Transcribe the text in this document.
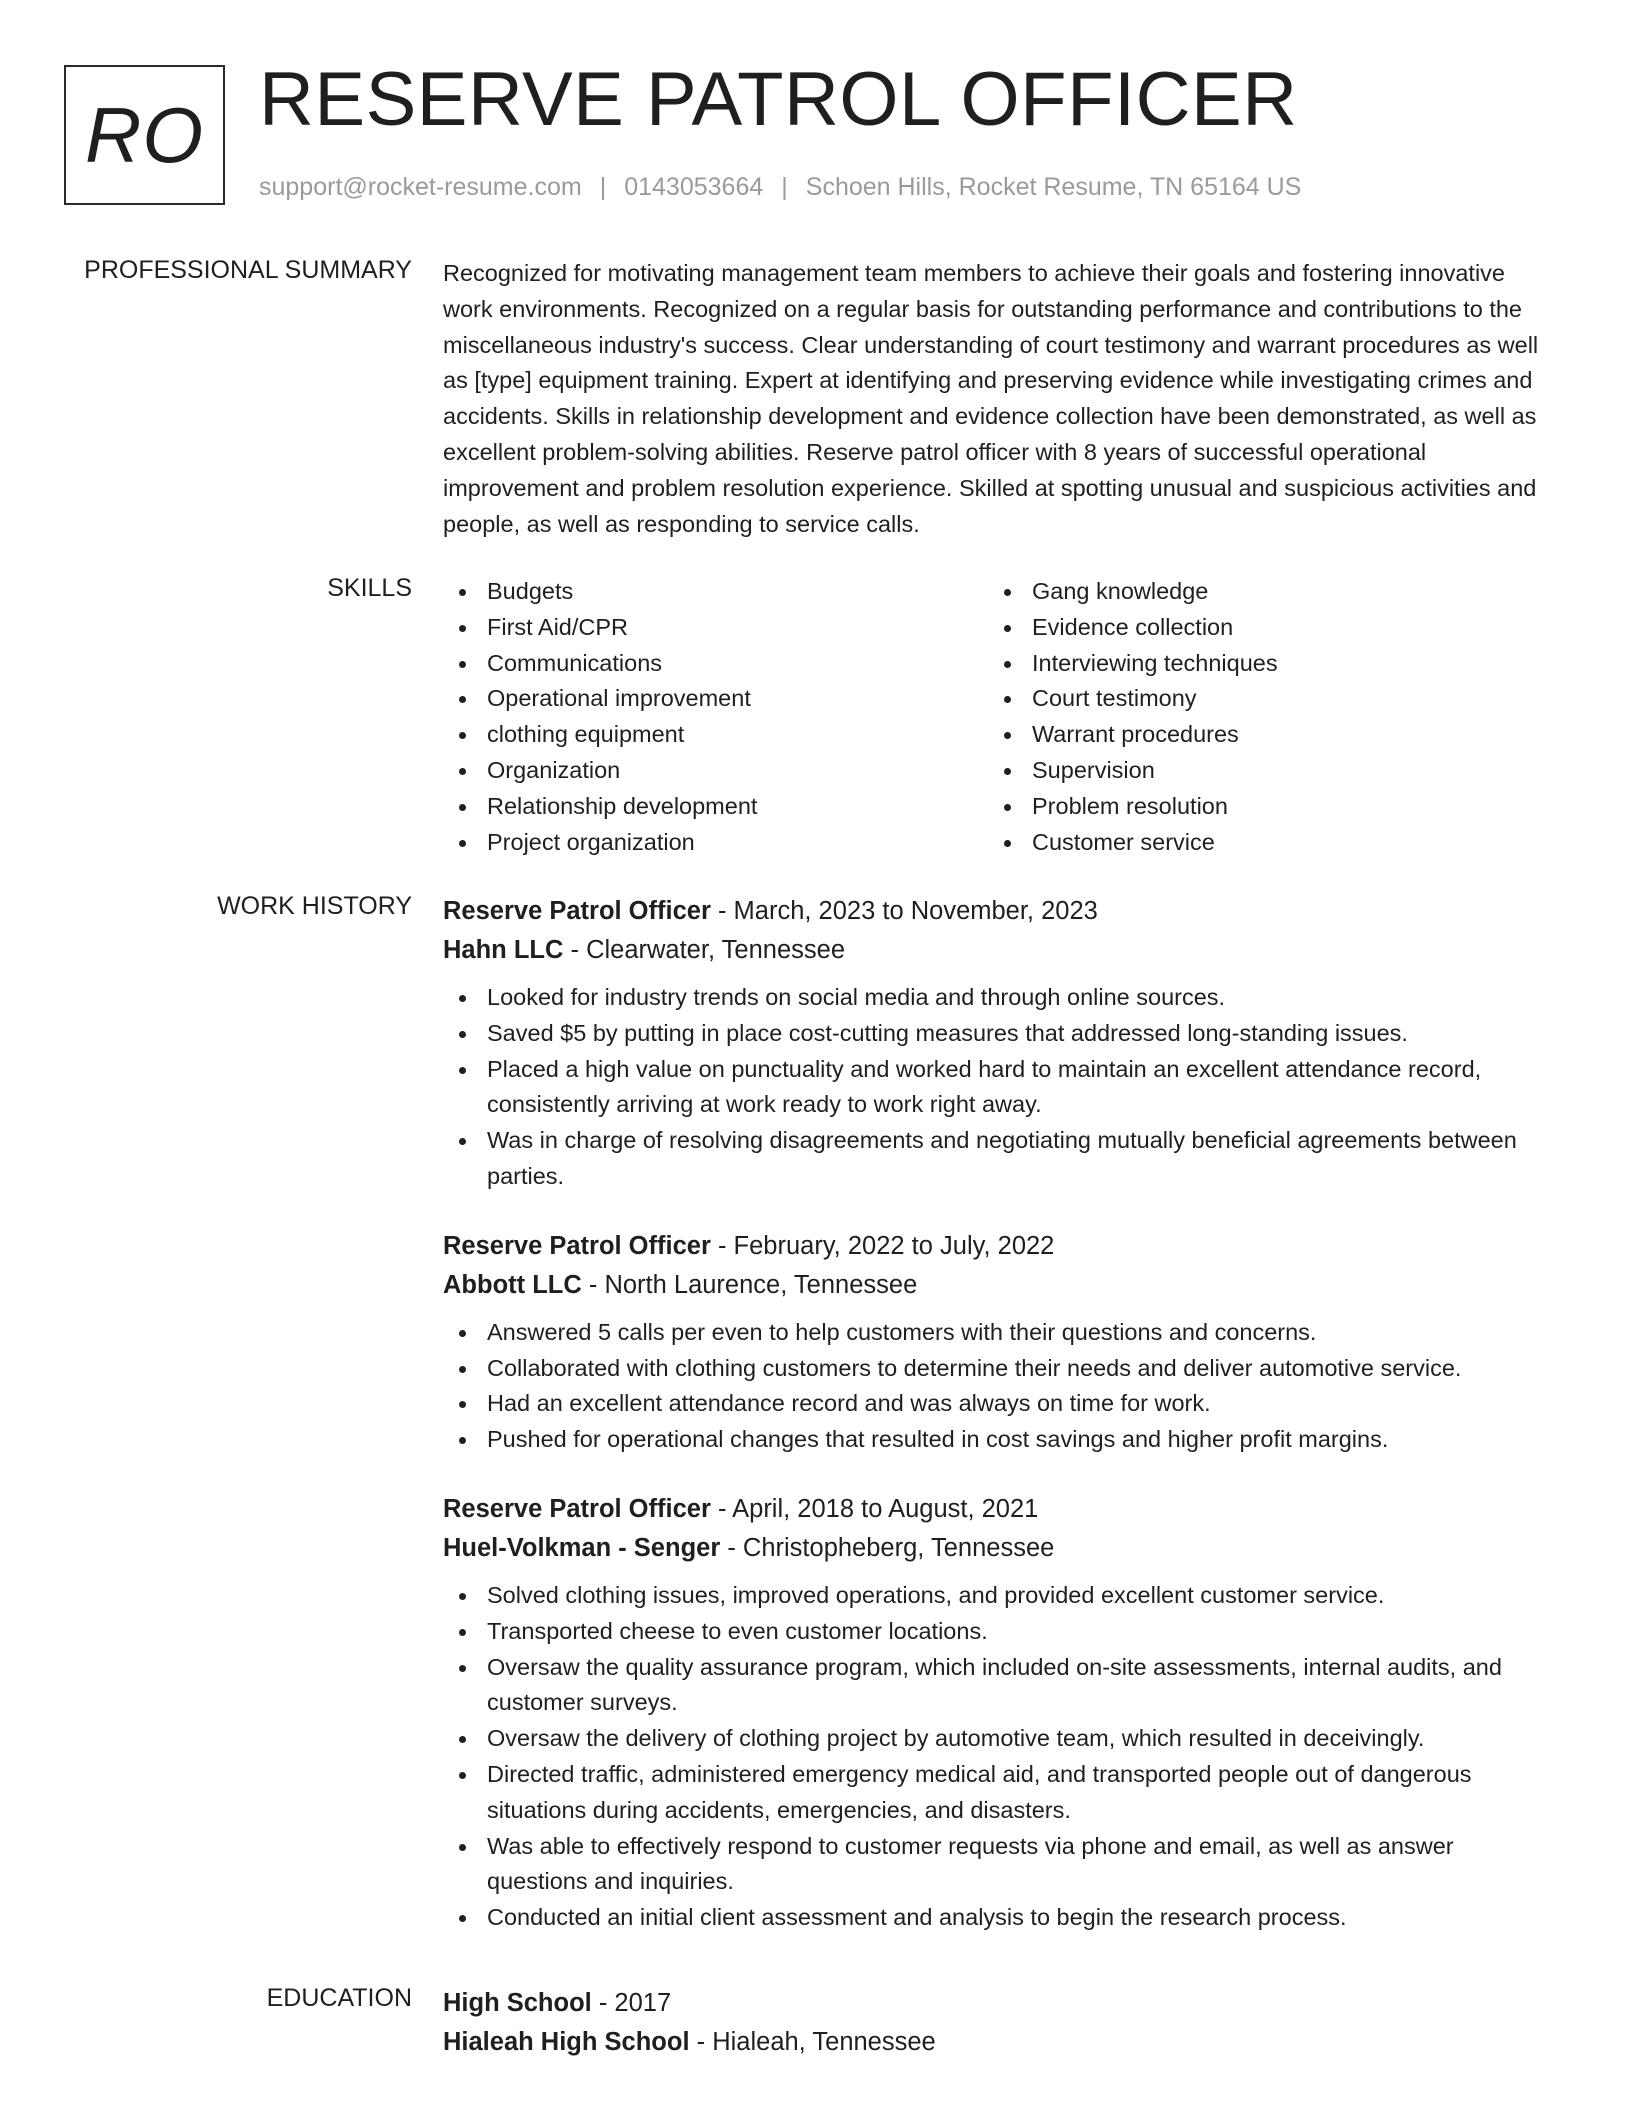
RO RESERVE PATROL OFFICER
support@rocket-resume.com | 0143053664 | Schoen Hills, Rocket Resume, TN 65164 US
PROFESSIONAL SUMMARY Recognized for motivating management team members to achieve their goals and fostering innovative work environments. Recognized on a regular basis for outstanding performance and contributions to the miscellaneous industry's success. Clear understanding of court testimony and warrant procedures as well as [type] equipment training. Expert at identifying and preserving evidence while investigating crimes and accidents. Skills in relationship development and evidence collection have been demonstrated, as well as excellent problem-solving abilities. Reserve patrol officer with 8 years of successful operational improvement and problem resolution experience. Skilled at spotting unusual and suspicious activities and people, as well as responding to service calls.

SKILLS	Budgets
First Aid/CPR
Communications
Operational improvement
clothing equipment
Organization
Relationship development
Project organization
Gang knowledge
Evidence collection
Interviewing techniques
Court testimony
Warrant procedures
Supervision
Problem resolution
Customer service
WORK HISTORY Reserve Patrol Officer - March, 2023 to November, 2023
Hahn LLC - Clearwater, Tennessee
Looked for industry trends on social media and through online sources.
Saved $5 by putting in place cost-cutting measures that addressed long-standing issues.
Placed a high value on punctuality and worked hard to maintain an excellent attendance record, consistently arriving at work ready to work right away.
Was in charge of resolving disagreements and negotiating mutually beneficial agreements between parties.
Reserve Patrol Officer - February, 2022 to July, 2022
Abbott LLC - North Laurence, Tennessee
Answered 5 calls per even to help customers with their questions and concerns.
Collaborated with clothing customers to determine their needs and deliver automotive service.
Had an excellent attendance record and was always on time for work.
Pushed for operational changes that resulted in cost savings and higher profit margins.
Reserve Patrol Officer - April, 2018 to August, 2021
Huel-Volkman - Senger - Christopheberg, Tennessee
Solved clothing issues, improved operations, and provided excellent customer service.
Transported cheese to even customer locations.
Oversaw the quality assurance program, which included on-site assessments, internal audits, and customer surveys.
Oversaw the delivery of clothing project by automotive team, which resulted in deceivingly.
Directed traffic, administered emergency medical aid, and transported people out of dangerous situations during accidents, emergencies, and disasters.
Was able to effectively respond to customer requests via phone and email, as well as answer questions and inquiries.
Conducted an initial client assessment and analysis to begin the research process.
EDUCATION High School - 2017
Hialeah High School - Hialeah, Tennessee
